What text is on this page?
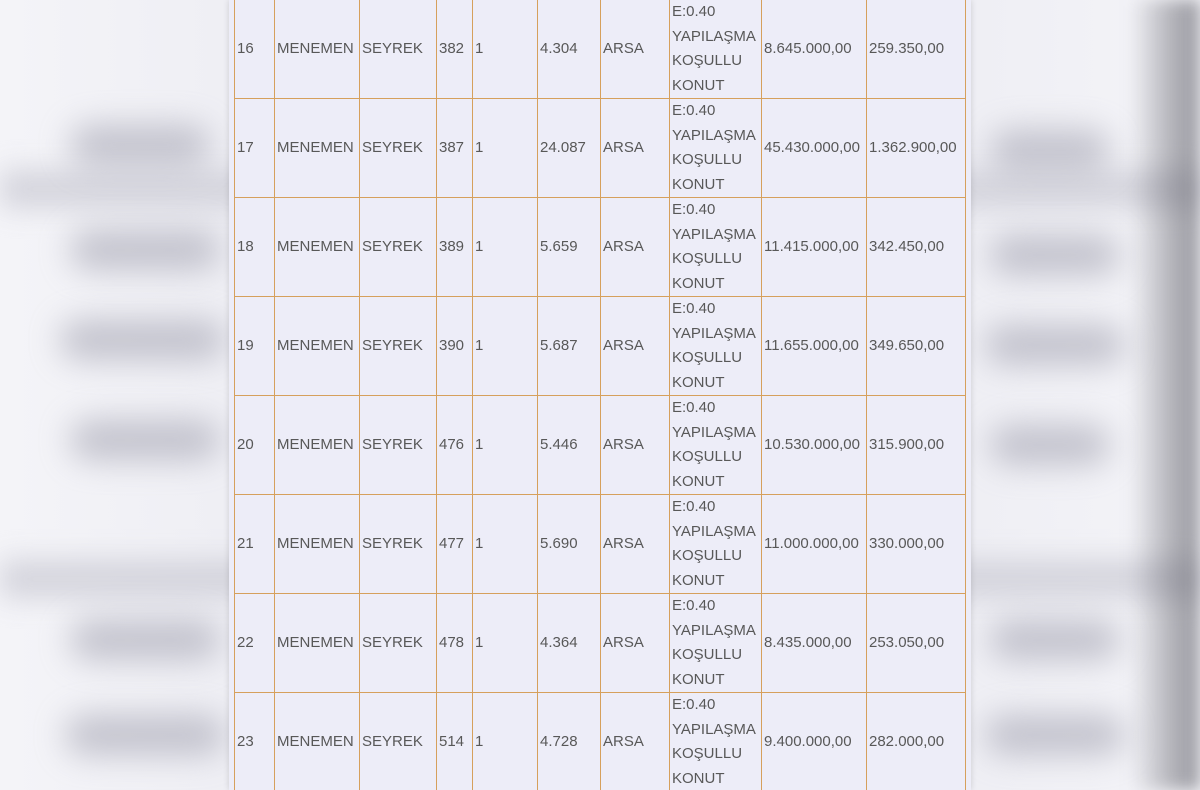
16	MENEMEN	SEYREK	382	1	4.304	ARSA	E:0.40
YAPILAŞMA
KOŞULLU
KONUT	8.645.000,00	259.350,00
17	MENEMEN	SEYREK	387	1	24.087	ARSA	E:0.40
YAPILAŞMA
KOŞULLU
KONUT	45.430.000,00	1.362.900,00
18	MENEMEN	SEYREK	389	1	5.659	ARSA	E:0.40
YAPILAŞMA
KOŞULLU
KONUT	11.415.000,00	342.450,00
19	MENEMEN	SEYREK	390	1	5.687	ARSA	E:0.40
YAPILAŞMA
KOŞULLU
KONUT	11.655.000,00	349.650,00
20	MENEMEN	SEYREK	476	1	5.446	ARSA	E:0.40
YAPILAŞMA
KOŞULLU
KONUT	10.530.000,00	315.900,00
21	MENEMEN	SEYREK	477	1	5.690	ARSA	E:0.40
YAPILAŞMA
KOŞULLU
KONUT	11.000.000,00	330.000,00
22	MENEMEN	SEYREK	478	1	4.364	ARSA	E:0.40
YAPILAŞMA
KOŞULLU
KONUT	8.435.000,00	253.050,00
23	MENEMEN	SEYREK	514	1	4.728	ARSA	E:0.40
YAPILAŞMA
KOŞULLU
KONUT	9.400.000,00	282.000,00
